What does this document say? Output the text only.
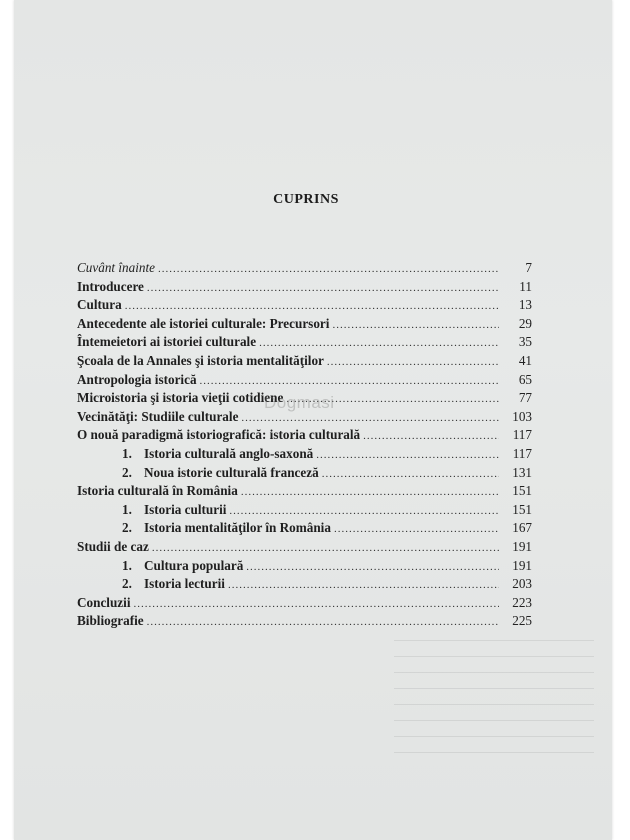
CUPRINS
Cuvânt înainte .....	7
Introducere .....	11
Cultura .....	13
Antecedente ale istoriei culturale: Precursori .....	29
Întemeietori ai istoriei culturale .....	35
Şcoala de la Annales şi istoria mentalităţilor .....	41
Antropologia istorică .....	65
Microistoria şi istoria vieţii cotidiene .....	77
Vecinătăţi: Studiile culturale .....	103
O nouă paradigmă istoriografică: istoria culturală .....	117
1. Istoria culturală anglo-saxonă .....	117
2. Noua istorie culturală franceză .....	131
Istoria culturală în România .....	151
1. Istoria culturii .....	151
2. Istoria mentalităţilor în România .....	167
Studii de caz .....	191
1. Cultura populară .....	191
2. Istoria lecturii .....	203
Concluzii .....	223
Bibliografie .....	225
Dogmasi
